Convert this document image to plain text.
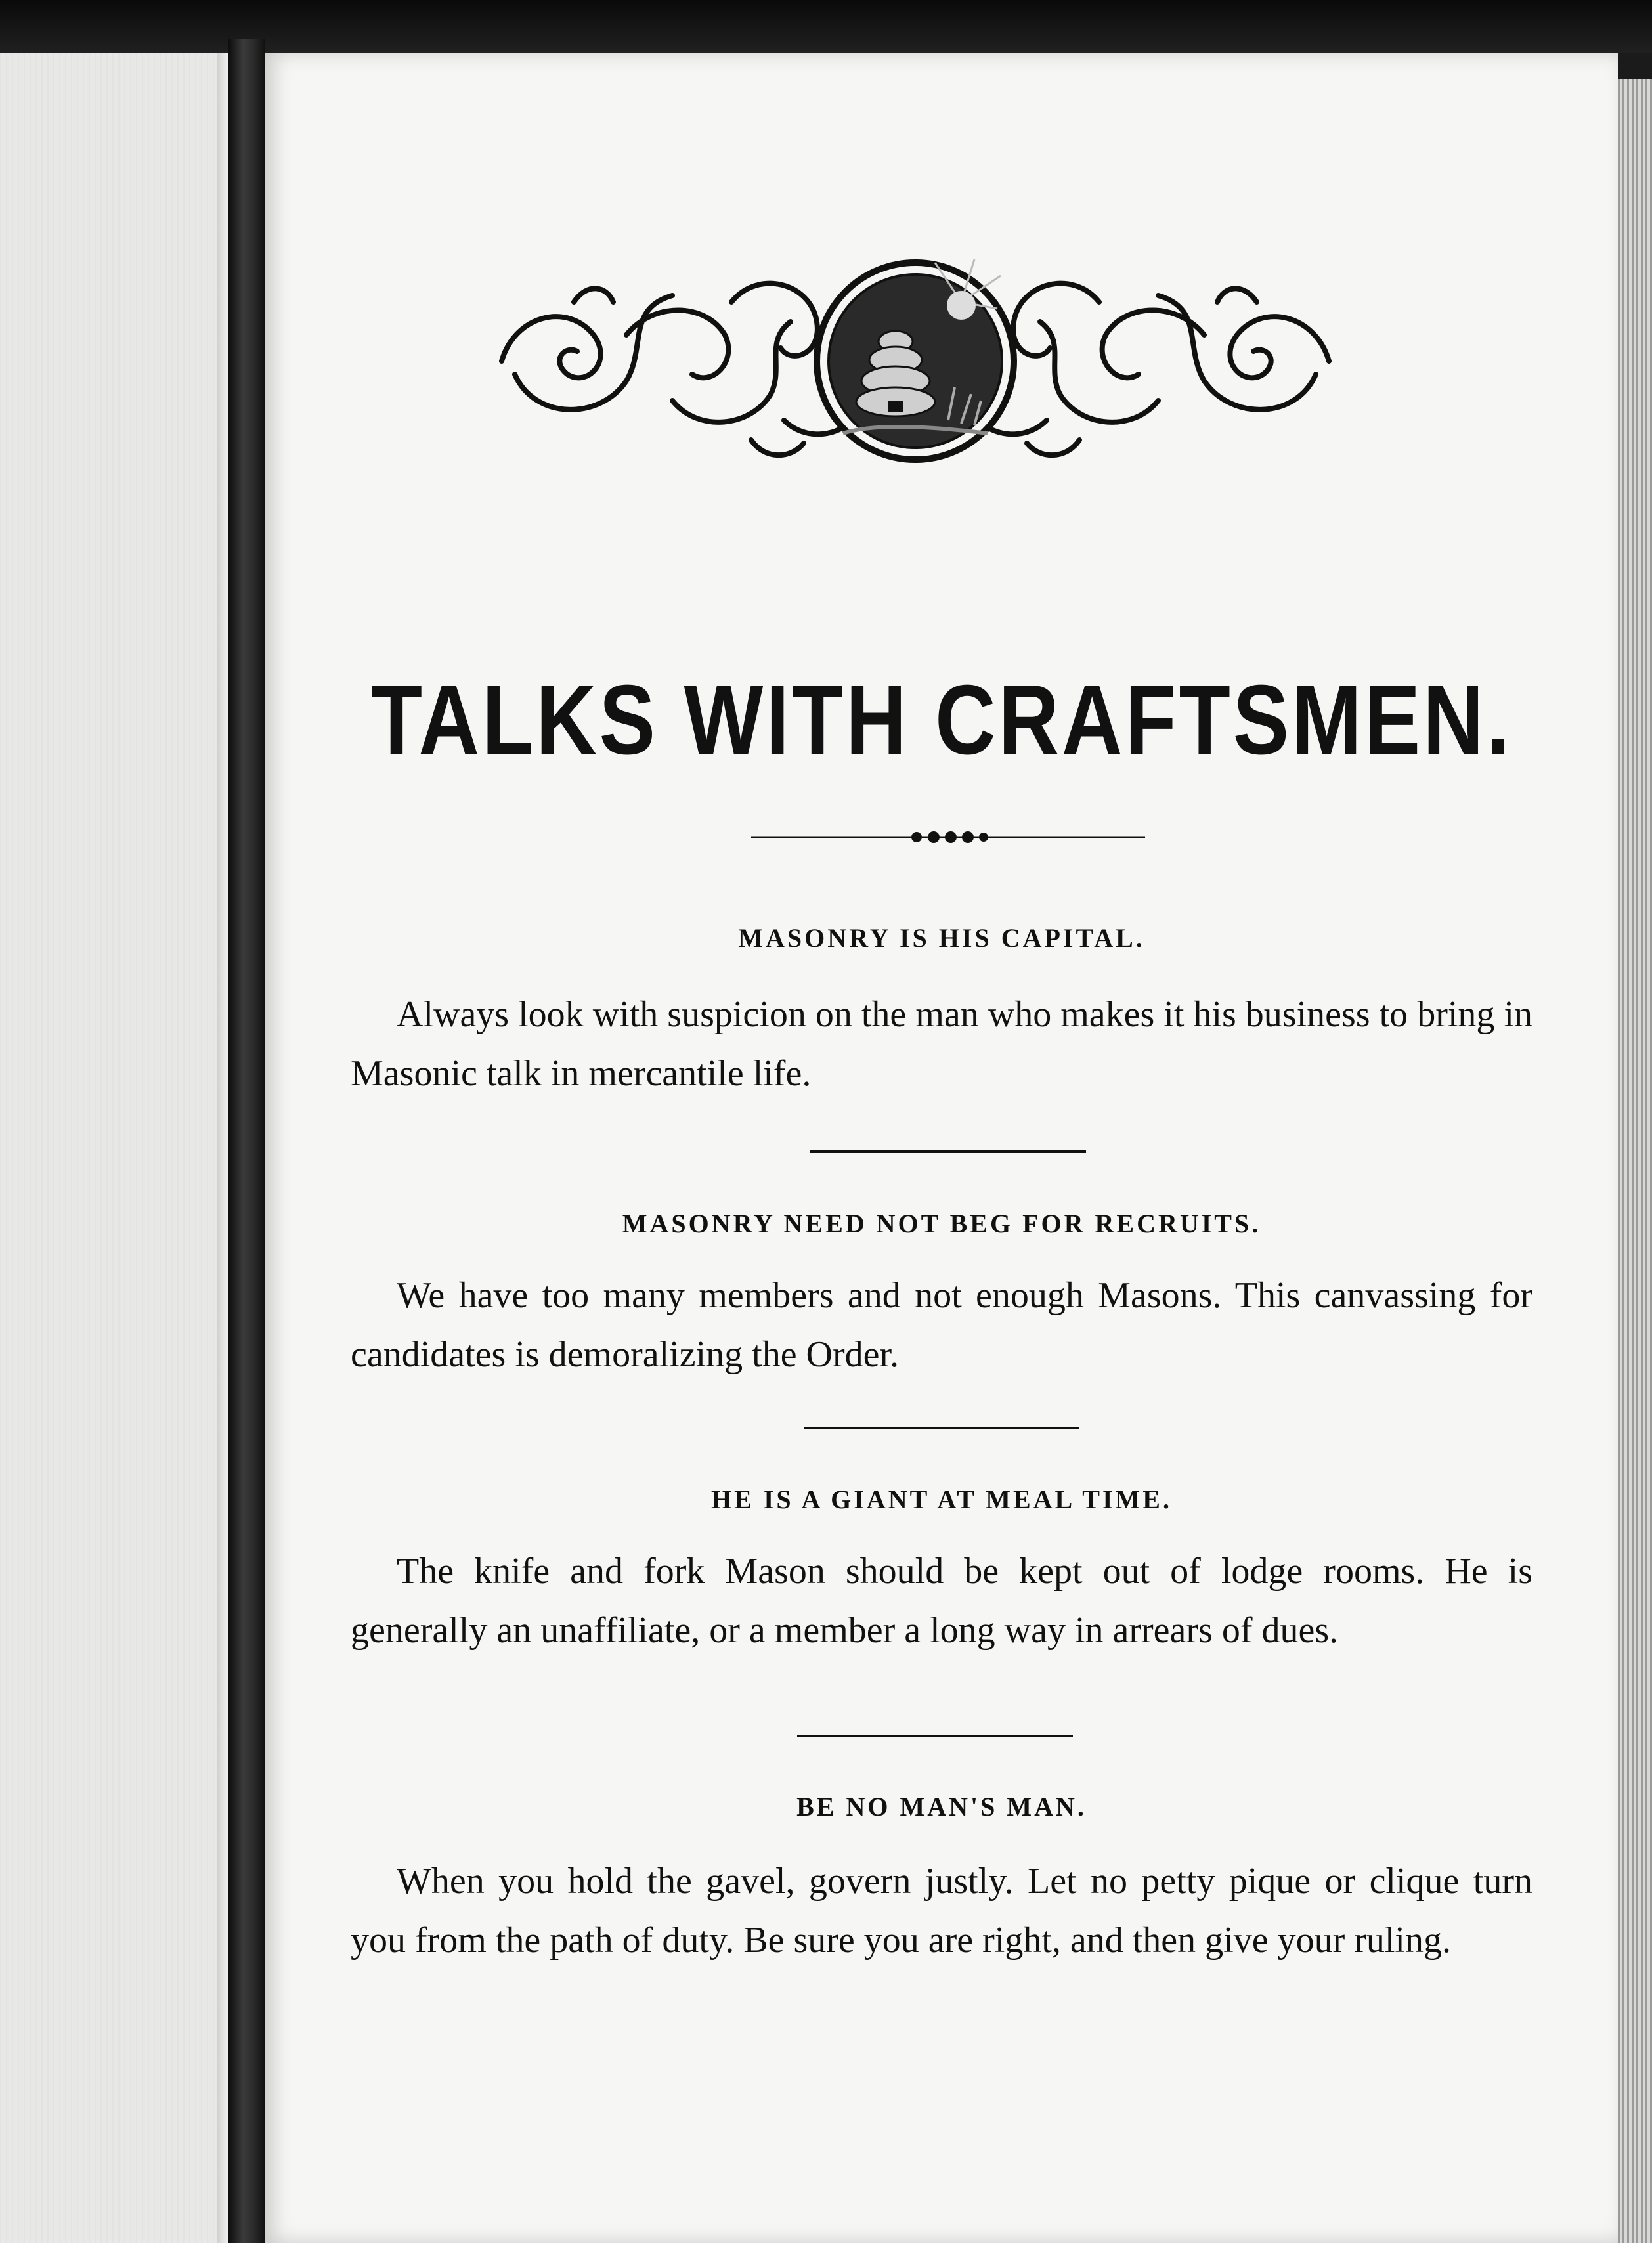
TALKS WITH CRAFTSMEN.
MASONRY IS HIS CAPITAL.
Always look with suspicion on the man who makes it his business to bring in Masonic talk in mercantile life.
MASONRY NEED NOT BEG FOR RECRUITS.
We have too many members and not enough Masons. This canvassing for candidates is demoralizing the Order.
HE IS A GIANT AT MEAL TIME.
The knife and fork Mason should be kept out of lodge rooms. He is generally an unaffiliate, or a member a long way in arrears of dues.
BE NO MAN'S MAN.
When you hold the gavel, govern justly. Let no petty pique or clique turn you from the path of duty. Be sure you are right, and then give your ruling.
